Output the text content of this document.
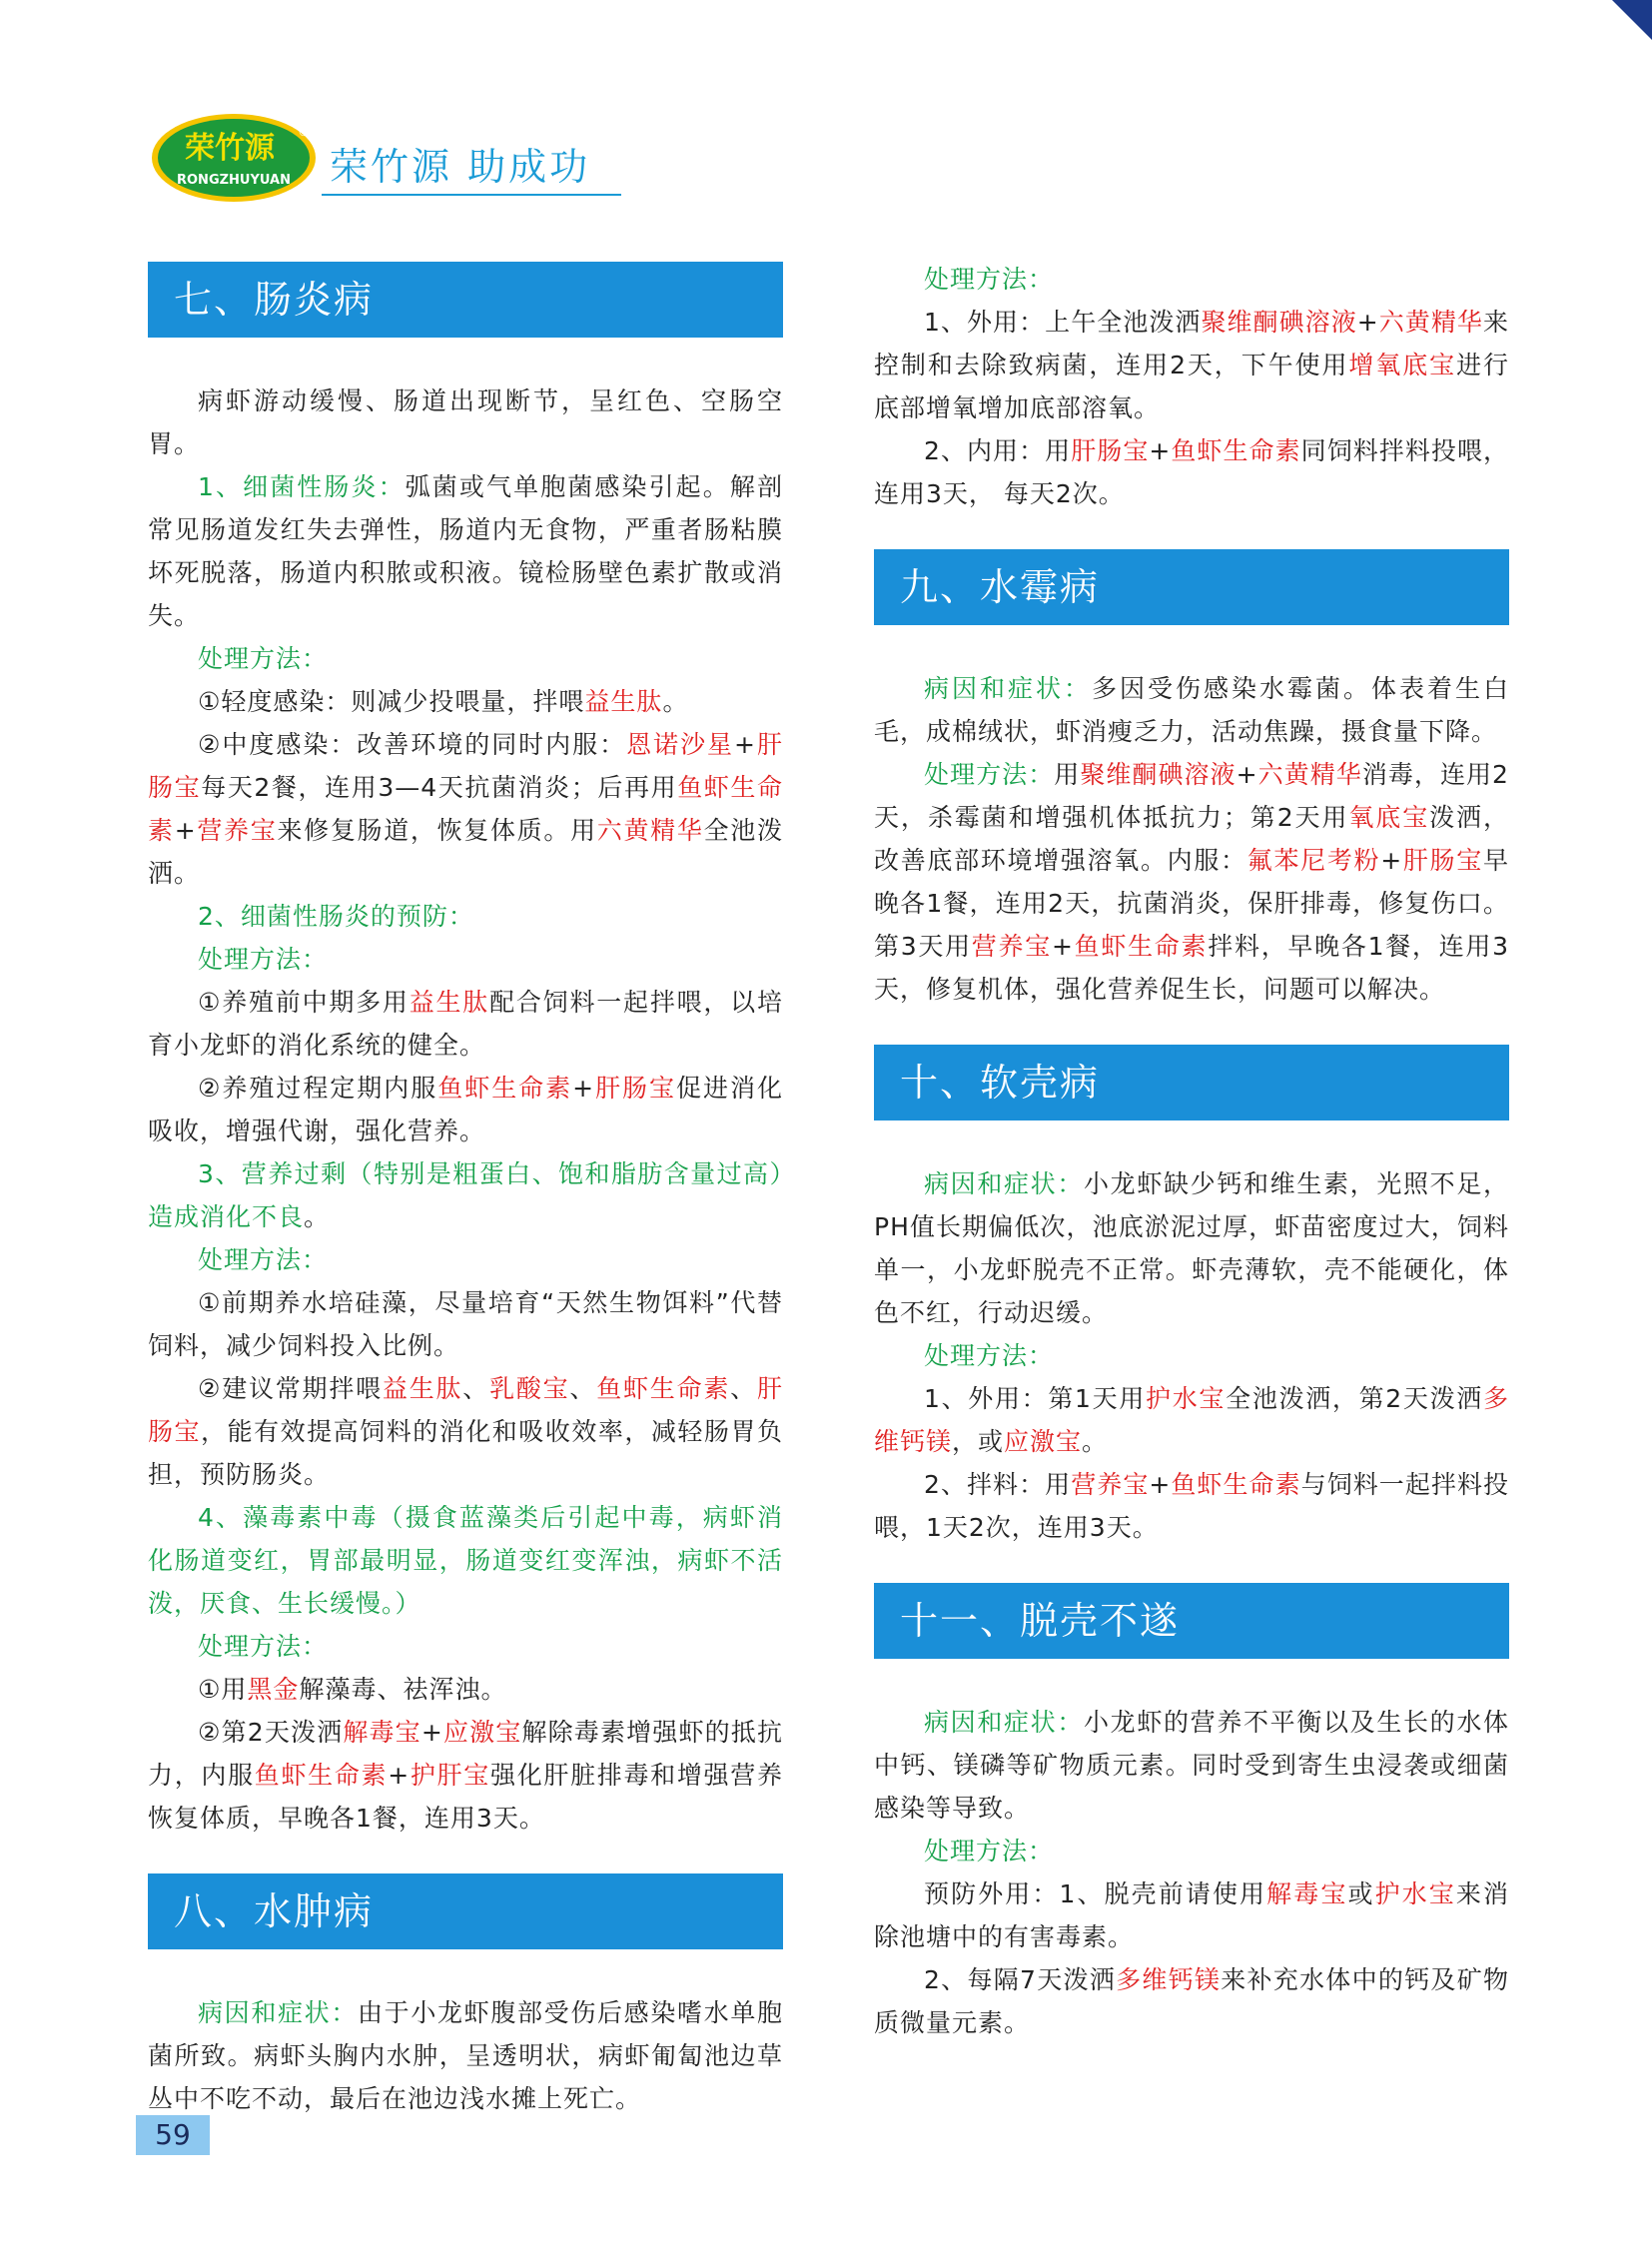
荣竹源 ®
RONGZHUYUAN 荣竹源 助成功
七、肠炎病

病虾游动缓慢、肠道出现断节，呈红色、空肠空胃。

1、细菌性肠炎：弧菌或气单胞菌感染引起。解剖常见肠道发红失去弹性，肠道内无食物，严重者肠粘膜坏死脱落，肠道内积脓或积液。镜检肠壁色素扩散或消失。

处理方法：

①轻度感染：则减少投喂量，拌喂益生肽。

②中度感染：改善环境的同时内服：恩诺沙星+肝肠宝每天2餐，连用3—4天抗菌消炎；后再用鱼虾生命素+营养宝来修复肠道，恢复体质。用六黄精华全池泼洒。

2、细菌性肠炎的预防：

处理方法：

①养殖前中期多用益生肽配合饲料一起拌喂，以培育小龙虾的消化系统的健全。

②养殖过程定期内服鱼虾生命素+肝肠宝促进消化吸收，增强代谢，强化营养。

3、营养过剩（特别是粗蛋白、饱和脂肪含量过高）造成消化不良。

处理方法：

①前期养水培硅藻，尽量培育“天然生物饵料”代替饲料，减少饲料投入比例。

②建议常期拌喂益生肽、乳酸宝、鱼虾生命素、肝肠宝，能有效提高饲料的消化和吸收效率，减轻肠胃负担，预防肠炎。

4、藻毒素中毒（摄食蓝藻类后引起中毒，病虾消化肠道变红，胃部最明显，肠道变红变浑浊，病虾不活泼，厌食、生长缓慢。）

处理方法：

①用黑金解藻毒、祛浑浊。

②第2天泼洒解毒宝+应激宝解除毒素增强虾的抵抗力，内服鱼虾生命素+护肝宝强化肝脏排毒和增强营养恢复体质，早晚各1餐，连用3天。

八、水肿病

病因和症状：由于小龙虾腹部受伤后感染嗜水单胞菌所致。病虾头胸内水肿，呈透明状，病虾匍匐池边草丛中不吃不动，最后在池边浅水摊上死亡。

处理方法：

1、外用：上午全池泼洒聚维酮碘溶液+六黄精华来控制和去除致病菌，连用2天，下午使用增氧底宝进行底部增氧增加底部溶氧。

2、内用：用肝肠宝+鱼虾生命素同饲料拌料投喂，连用3天， 每天2次。

九、水霉病

病因和症状：多因受伤感染水霉菌。体表着生白毛，成棉绒状，虾消瘦乏力，活动焦躁，摄食量下降。

处理方法：用聚维酮碘溶液+六黄精华消毒，连用2天，杀霉菌和增强机体抵抗力；第2天用氧底宝泼洒，改善底部环境增强溶氧。内服：氟苯尼考粉+肝肠宝早晚各1餐，连用2天，抗菌消炎，保肝排毒，修复伤口。第3天用营养宝+鱼虾生命素拌料，早晚各1餐，连用3天，修复机体，强化营养促生长，问题可以解决。

十、软壳病

病因和症状：小龙虾缺少钙和维生素，光照不足，PH值长期偏低次，池底淤泥过厚，虾苗密度过大，饲料单一，小龙虾脱壳不正常。虾壳薄软，壳不能硬化，体色不红，行动迟缓。

处理方法：

1、外用：第1天用护水宝全池泼洒，第2天泼洒多维钙镁，或应激宝。

2、拌料：用营养宝+鱼虾生命素与饲料一起拌料投喂，1天2次，连用3天。

十一、脱壳不遂

病因和症状：小龙虾的营养不平衡以及生长的水体中钙、镁磷等矿物质元素。同时受到寄生虫浸袭或细菌感染等导致。

处理方法：

预防外用：1、脱壳前请使用解毒宝或护水宝来消除池塘中的有害毒素。

2、每隔7天泼洒多维钙镁来补充水体中的钙及矿物质微量元素。

59
